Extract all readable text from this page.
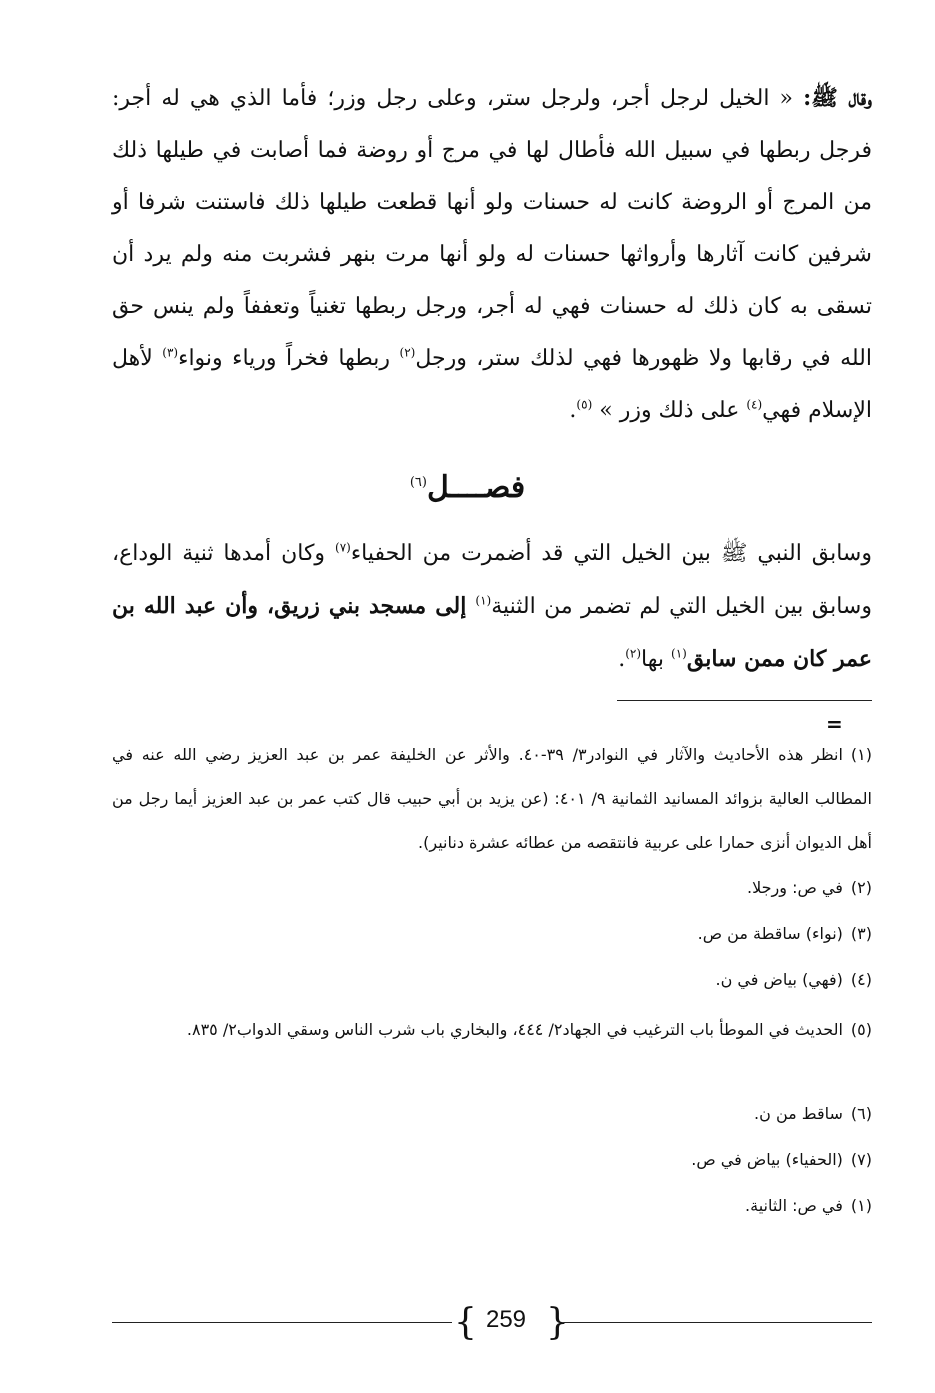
وقال ﷺ: « الخيل لرجل أجر، ولرجل ستر، وعلى رجل وزر؛ فأما الذي هي له أجر: فرجل ربطها في سبيل الله فأطال لها في مرج أو روضة فما أصابت في طيلها ذلك من المرج أو الروضة كانت له حسنات ولو أنها قطعت طيلها ذلك فاستنت شرفا أو شرفين كانت آثارها وأرواثها حسنات له ولو أنها مرت بنهر فشربت منه ولم يرد أن تسقى به كان ذلك له حسنات فهي له أجر، ورجل ربطها تغنياً وتعففاً ولم ينس حق الله في رقابها ولا ظهورها فهي لذلك ستر، ورجل$^{(٢)}$ ربطها فخراً ورياء ونواء$^{(٣)}$ لأهل الإسلام فهي$^{(٤)}$ على ذلك وزر » $^{(٥)}$.

فصــــل$^{(٦)}$

وسابق النبي ﷺ بين الخيل التي قد أضمرت من الحفياء$^{(٧)}$ وكان أمدها ثنية الوداع، وسابق بين الخيل التي لم تضمر من الثنية$^{(١)}$ إلى مسجد بني زريق، وأن عبد الله بن عمر كان ممن سابق$^{(١)}$ بها$^{(٢)}$.

=

(١)انظر هذه الأحاديث والآثار في النوادر٣/ ٣٩-٤٠. والأثر عن الخليفة عمر بن عبد العزيز رضي الله عنه في المطالب العالية بزوائد المسانيد الثمانية ٩/ ٤٠١: (عن يزيد بن أبي حبيب قال كتب عمر بن عبد العزيز أيما رجل من أهل الديوان أنزى حمارا على عربية فانتقصه من عطائه عشرة دنانير).

(٢)في ص: ورجلا.

(٣)(نواء) ساقطة من ص.

(٤)(فهي) بياض في ن.

(٥)الحديث في الموطأ باب الترغيب في الجهاد٢/ ٤٤٤، والبخاري باب شرب الناس وسقي الدواب٢/ ٨٣٥.

(٦)ساقط من ن.

(٧)(الحفياء) بياض في ص.

(١)في ص: الثانية.

{ 259 }
